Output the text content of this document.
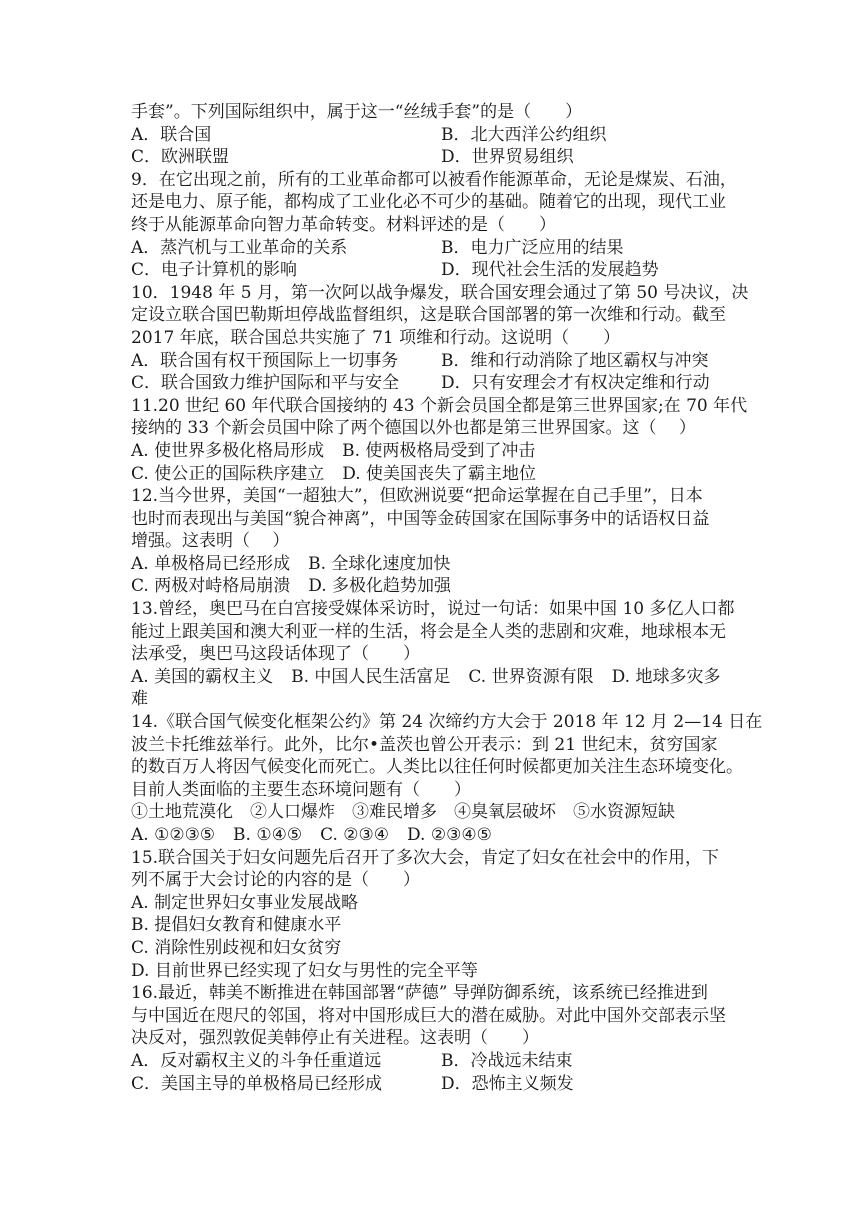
手套”。下列国际组织中，属于这一“丝绒手套”的是（　　）
A．联合国	B．北大西洋公约组织
C．欧洲联盟	D．世界贸易组织
9．在它出现之前，所有的工业革命都可以被看作能源革命，无论是煤炭、石油，
还是电力、原子能，都构成了工业化必不可少的基础。随着它的出现，现代工业
终于从能源革命向智力革命转变。材料评述的是（　　）
A．蒸汽机与工业革命的关系	B．电力广泛应用的结果
C．电子计算机的影响	D．现代社会生活的发展趋势
10．1948 年 5 月，第一次阿以战争爆发，联合国安理会通过了第 50 号决议，决
定设立联合国巴勒斯坦停战监督组织，这是联合国部署的第一次维和行动。截至
2017 年底，联合国总共实施了 71 项维和行动。这说明（　　）
A．联合国有权干预国际上一切事务	B．维和行动消除了地区霸权与冲突
C．联合国致力维护国际和平与安全	D．只有安理会才有权决定维和行动
11.20 世纪 60 年代联合国接纳的 43 个新会员国全都是第三世界国家;在 70 年代
接纳的 33 个新会员国中除了两个德国以外也都是第三世界国家。这（　 ）
A. 使世界多极化格局形成 B. 使两极格局受到了冲击
C. 使公正的国际秩序建立 D. 使美国丧失了霸主地位
12.当今世界，美国“一超独大”，但欧洲说要“把命运掌握在自己手里”，日本
也时而表现出与美国“貌合神离”，中国等金砖国家在国际事务中的话语权日益
增强。这表明（　 ）
A. 单极格局已经形成 B. 全球化速度加快
C. 两极对峙格局崩溃 D. 多极化趋势加强
13.曾经，奥巴马在白宫接受媒体采访时，说过一句话：如果中国 10 多亿人口都
能过上跟美国和澳大利亚一样的生活，将会是全人类的悲剧和灾难，地球根本无
法承受，奥巴马这段话体现了（　　）
A. 美国的霸权主义 B. 中国人民生活富足 C. 世界资源有限 D. 地球多灾多
难
14.《联合国气候变化框架公约》第 24 次缔约方大会于 2018 年 12 月 2—14 日在
波兰卡托维兹举行。此外，比尔•盖茨也曾公开表示：到 21 世纪末，贫穷国家
的数百万人将因气候变化而死亡。人类比以往任何时候都更加关注生态环境变化。
目前人类面临的主要生态环境问题有（　　）
①土地荒漠化　②人口爆炸　③难民增多　④臭氧层破坏　⑤水资源短缺
A. ①②③⑤ B. ①④⑤ C. ②③④ D. ②③④⑤
15.联合国关于妇女问题先后召开了多次大会，肯定了妇女在社会中的作用，下
列不属于大会讨论的内容的是（　　）
A. 制定世界妇女事业发展战略
B. 提倡妇女教育和健康水平
C. 消除性别歧视和妇女贫穷
D. 目前世界已经实现了妇女与男性的完全平等
16.最近，韩美不断推进在韩国部署“萨德” 导弹防御系统，该系统已经推进到
与中国近在咫尺的邻国，将对中国形成巨大的潜在威胁。对此中国外交部表示坚
决反对，强烈敦促美韩停止有关进程。这表明（　　）
A．反对霸权主义的斗争任重道远	B．冷战远未结束
C．美国主导的单极格局已经形成	D．恐怖主义频发
